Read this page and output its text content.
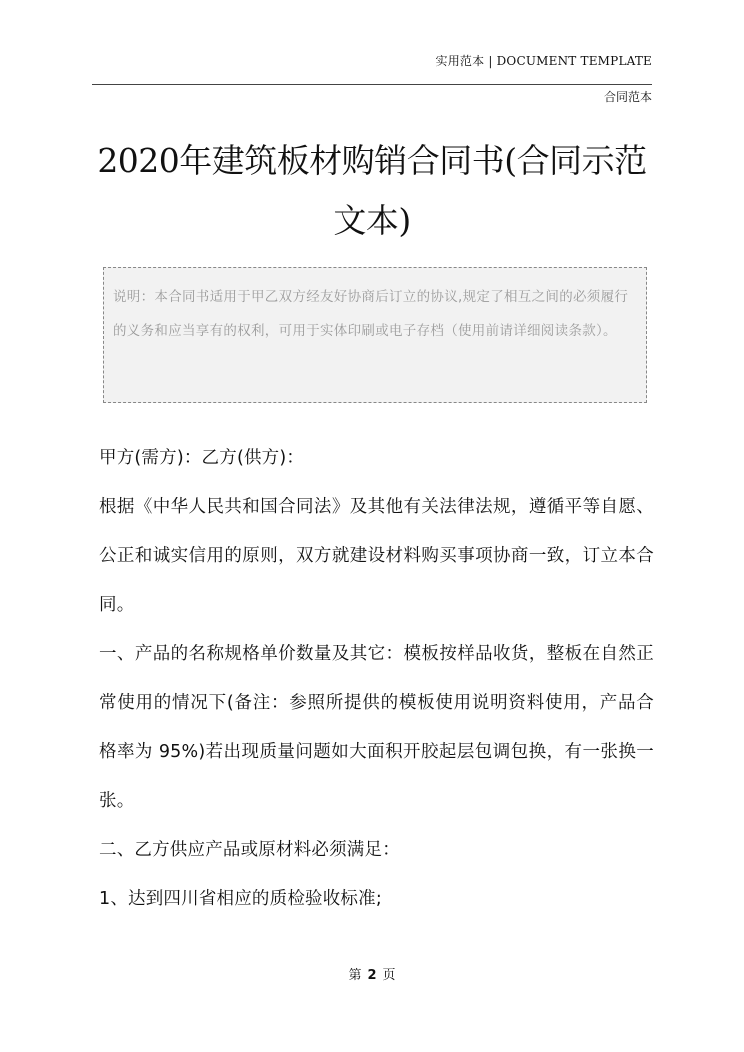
实用范本 | DOCUMENT TEMPLATE
合同范本
2020年建筑板材购销合同书(合同示范文本)
说明：本合同书适用于甲乙双方经友好协商后订立的协议,规定了相互之间的必须履行的义务和应当享有的权利，可用于实体印刷或电子存档（使用前请详细阅读条款）。

甲方(需方)：乙方(供方)：

根据《中华人民共和国合同法》及其他有关法律法规，遵循平等自愿、公正和诚实信用的原则，双方就建设材料购买事项协商一致，订立本合同。

一、产品的名称规格单价数量及其它：模板按样品收货，整板在自然正常使用的情况下(备注：参照所提供的模板使用说明资料使用，产品合格率为 95%)若出现质量问题如大面积开胶起层包调包换，有一张换一张。

二、乙方供应产品或原材料必须满足：

1、达到四川省相应的质检验收标准;

第 2 页
